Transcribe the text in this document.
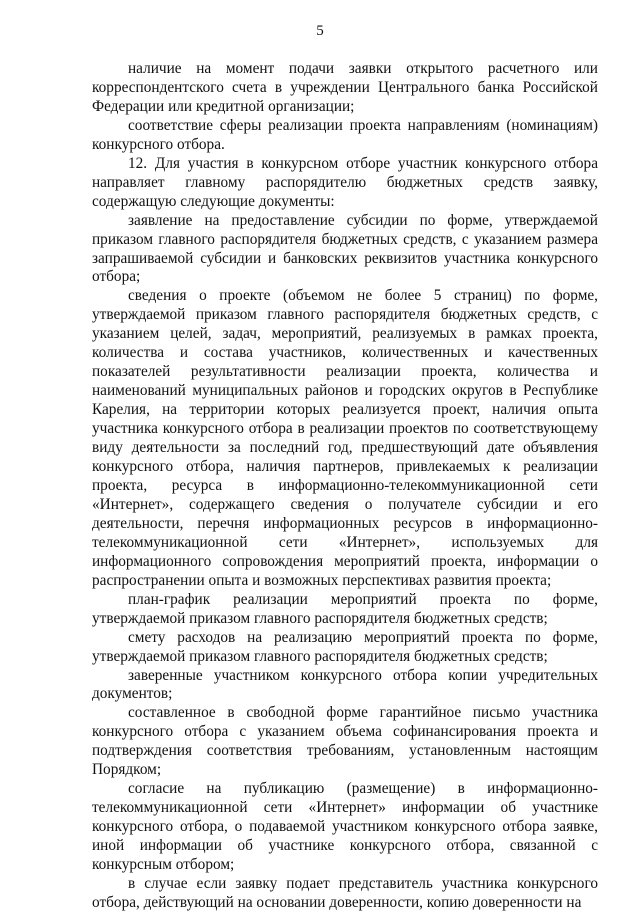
5

наличие на момент подачи заявки открытого расчетного или корреспондентского счета в учреждении Центрального банка Российской Федерации или кредитной организации;

соответствие сферы реализации проекта направлениям (номинациям) конкурсного отбора.

12. Для участия в конкурсном отборе участник конкурсного отбора направляет главному распорядителю бюджетных средств заявку, содержащую следующие документы:

заявление на предоставление субсидии по форме, утверждаемой приказом главного распорядителя бюджетных средств, с указанием размера запрашиваемой субсидии и банковских реквизитов участника конкурсного отбора;

сведения о проекте (объемом не более 5 страниц) по форме, утверждаемой приказом главного распорядителя бюджетных средств, с указанием целей, задач, мероприятий, реализуемых в рамках проекта, количества и состава участников, количественных и качественных показателей результативности реализации проекта, количества и наименований муниципальных районов и городских округов в Республике Карелия, на территории которых реализуется проект, наличия опыта участника конкурсного отбора в реализации проектов по соответствующему виду деятельности за последний год, предшествующий дате объявления конкурсного отбора, наличия партнеров, привлекаемых к реализации проекта, ресурса в информационно-телекоммуникационной сети «Интернет», содержащего сведения о получателе субсидии и его деятельности, перечня информационных ресурсов в информационно-телекоммуникационной сети «Интернет», используемых для информационного сопровождения мероприятий проекта, информации о распространении опыта и возможных перспективах развития проекта;

план-график реализации мероприятий проекта по форме, утверждаемой приказом главного распорядителя бюджетных средств;

смету расходов на реализацию мероприятий проекта по форме, утверждаемой приказом главного распорядителя бюджетных средств;

заверенные участником конкурсного отбора копии учредительных документов;

составленное в свободной форме гарантийное письмо участника конкурсного отбора с указанием объема софинансирования проекта и подтверждения соответствия требованиям, установленным настоящим Порядком;

согласие на публикацию (размещение) в информационно-телекоммуникационной сети «Интернет» информации об участнике конкурсного отбора, о подаваемой участником конкурсного отбора заявке, иной информации об участнике конкурсного отбора, связанной с конкурсным отбором;

в случае если заявку подает представитель участника конкурсного отбора, действующий на основании доверенности, копию доверенности на
